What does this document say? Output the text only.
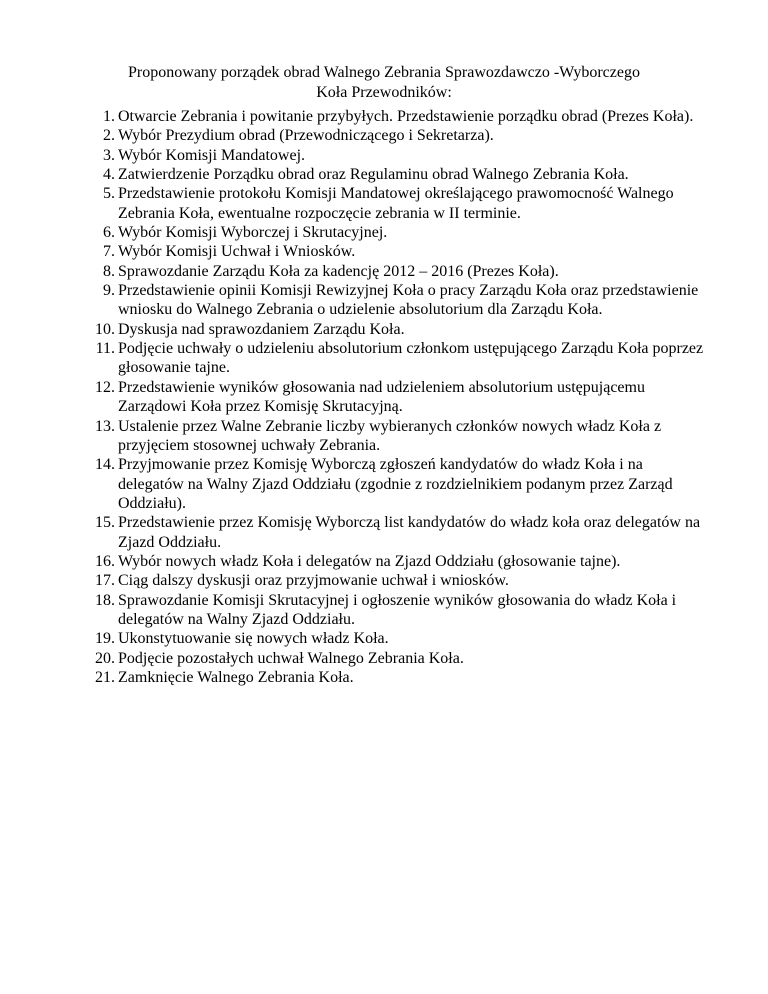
Proponowany porządek obrad Walnego Zebrania Sprawozdawczo -Wyborczego
Koła Przewodników:
1. Otwarcie Zebrania i powitanie przybyłych. Przedstawienie porządku obrad (Prezes Koła).
2. Wybór Prezydium obrad (Przewodniczącego i Sekretarza).
3. Wybór Komisji Mandatowej.
4. Zatwierdzenie Porządku obrad oraz Regulaminu obrad Walnego Zebrania Koła.
5. Przedstawienie protokołu Komisji Mandatowej określającego prawomocność Walnego Zebrania Koła, ewentualne rozpoczęcie zebrania w II terminie.
6. Wybór Komisji Wyborczej i Skrutacyjnej.
7. Wybór Komisji Uchwał i Wniosków.
8. Sprawozdanie Zarządu Koła za kadencję 2012 – 2016 (Prezes Koła).
9. Przedstawienie opinii Komisji Rewizyjnej Koła o pracy Zarządu Koła oraz przedstawienie wniosku do Walnego Zebrania o udzielenie absolutorium dla Zarządu Koła.
10. Dyskusja nad sprawozdaniem Zarządu Koła.
11. Podjęcie uchwały o udzieleniu absolutorium członkom ustępującego Zarządu Koła poprzez głosowanie tajne.
12. Przedstawienie wyników głosowania nad udzieleniem absolutorium ustępującemu Zarządowi Koła przez Komisję Skrutacyjną.
13. Ustalenie przez Walne Zebranie liczby wybieranych członków nowych władz Koła z przyjęciem stosownej uchwały Zebrania.
14. Przyjmowanie przez Komisję Wyborczą zgłoszeń kandydatów do władz Koła i na delegatów na Walny Zjazd Oddziału (zgodnie z rozdzielnikiem podanym przez Zarząd Oddziału).
15. Przedstawienie przez Komisję Wyborczą list kandydatów do władz koła oraz delegatów na Zjazd Oddziału.
16. Wybór nowych władz Koła i delegatów na Zjazd Oddziału (głosowanie tajne).
17. Ciąg dalszy dyskusji oraz przyjmowanie uchwał i wniosków.
18. Sprawozdanie Komisji Skrutacyjnej i ogłoszenie wyników głosowania do władz Koła i delegatów na Walny Zjazd Oddziału.
19. Ukonstytuowanie się nowych władz Koła.
20. Podjęcie pozostałych uchwał Walnego Zebrania Koła.
21. Zamknięcie Walnego Zebrania Koła.
